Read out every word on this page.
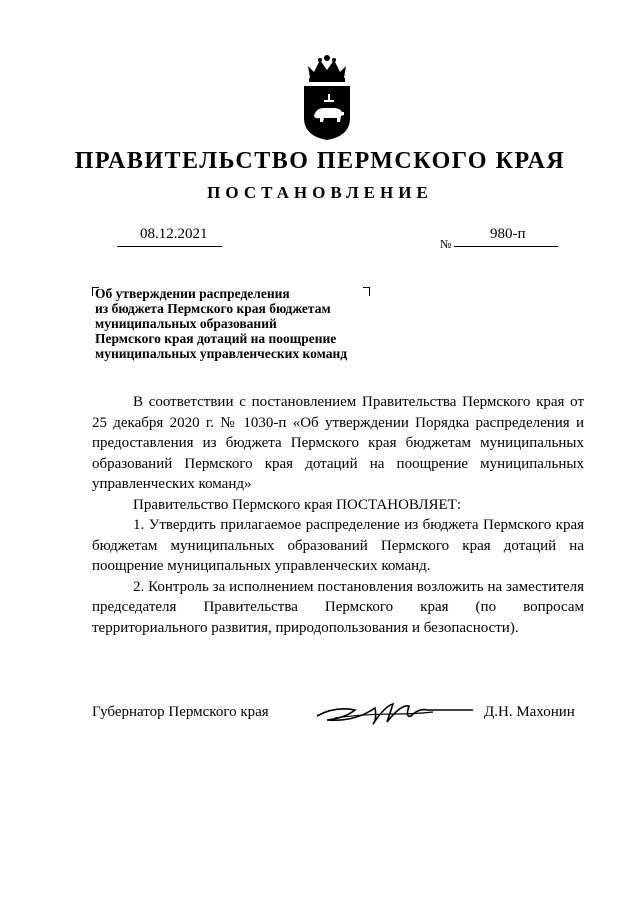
ПРАВИТЕЛЬСТВО ПЕРМСКОГО КРАЯ
ПОСТАНОВЛЕНИЕ
08.12.2021
№
980-п
Об утверждении распределения
из бюджета Пермского края бюджетам
муниципальных образований
Пермского края дотаций на поощрение
муниципальных управленческих команд

В соответствии с постановлением Правительства Пермского края от 25 декабря 2020 г. № 1030-п «Об утверждении Порядка распределения и предоставления из бюджета Пермского края бюджетам муниципальных образований Пермского края дотаций на поощрение муниципальных управленческих команд»

Правительство Пермского края ПОСТАНОВЛЯЕТ:

1. Утвердить прилагаемое распределение из бюджета Пермского края бюджетам муниципальных образований Пермского края дотаций на поощрение муниципальных управленческих команд.

2. Контроль за исполнением постановления возложить на заместителя председателя Правительства Пермского края (по вопросам территориального развития, природопользования и безопасности).

Губернатор Пермского края	Д.Н. Махонин
